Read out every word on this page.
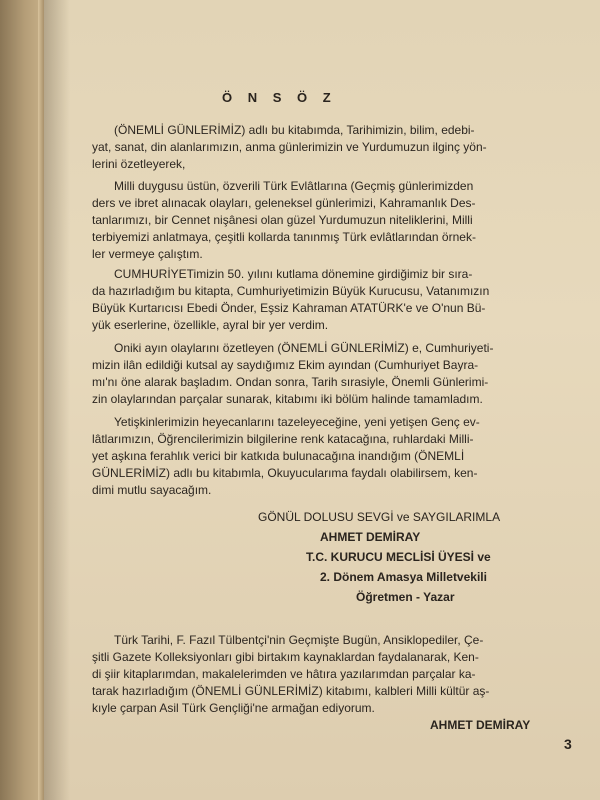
Ö N S Ö Z
(ÖNEMLİ GÜNLERİMİZ) adlı bu kitabımda, Tarihimizin, bilim, edebi-
yat, sanat, din alanlarımızın, anma günlerimizin ve Yurdumuzun ilginç yön-
lerini özetleyerek,
Milli duygusu üstün, özverili Türk Evlâtlarına (Geçmiş günlerimizden
ders ve ibret alınacak olayları, geleneksel günlerimizi, Kahramanlık Des-
tanlarımızı, bir Cennet nişânesi olan güzel Yurdumuzun niteliklerini, Milli
terbiyemizi anlatmaya, çeşitli kollarda tanınmış Türk evlâtlarından örnek-
ler vermeye çalıştım.
CUMHURİYETimizin 50. yılını kutlama dönemine girdiğimiz bir sıra-
da hazırladığım bu kitapta, Cumhuriyetimizin Büyük Kurucusu, Vatanımızın
Büyük Kurtarıcısı Ebedi Önder, Eşsiz Kahraman ATATÜRK'e ve O'nun Bü-
yük eserlerine, özellikle, ayral bir yer verdim.
Oniki ayın olaylarını özetleyen (ÖNEMLİ GÜNLERİMİZ) e, Cumhuriyeti-
mizin ilân edildiği kutsal ay saydığımız Ekim ayından (Cumhuriyet Bayra-
mı'nı öne alarak başladım. Ondan sonra, Tarih sırasiyle, Önemli Günlerimi-
zin olaylarından parçalar sunarak, kitabımı iki bölüm halinde tamamladım.
Yetişkinlerimizin heyecanlarını tazeleyeceğine, yeni yetişen Genç ev-
lâtlarımızın, Öğrencilerimizin bilgilerine renk katacağına, ruhlardaki Milli-
yet aşkına ferahlık verici bir katkıda bulunacağına inandığım (ÖNEMLİ
GÜNLERİMİZ) adlı bu kitabımla, Okuyucularıma faydalı olabilirsem, ken-
dimi mutlu sayacağım.
GÖNÜL DOLUSU SEVGİ ve SAYGILARIMLA
AHMET DEMİRAY
T.C. KURUCU MECLİSİ ÜYESİ ve
2. Dönem Amasya Milletvekili
Öğretmen - Yazar
Türk Tarihi, F. Fazıl Tülbentçi'nin Geçmişte Bugün, Ansiklopediler, Çe-
şitli Gazete Kolleksiyonları gibi birtakım kaynaklardan faydalanarak, Ken-
di şiir kitaplarımdan, makalelerimden ve hâtıra yazılarımdan parçalar ka-
tarak hazırladığım (ÖNEMLİ GÜNLERİMİZ) kitabımı, kalbleri Milli kültür aş-
kıyle çarpan Asil Türk Gençliği'ne armağan ediyorum.
AHMET DEMİRAY
3
